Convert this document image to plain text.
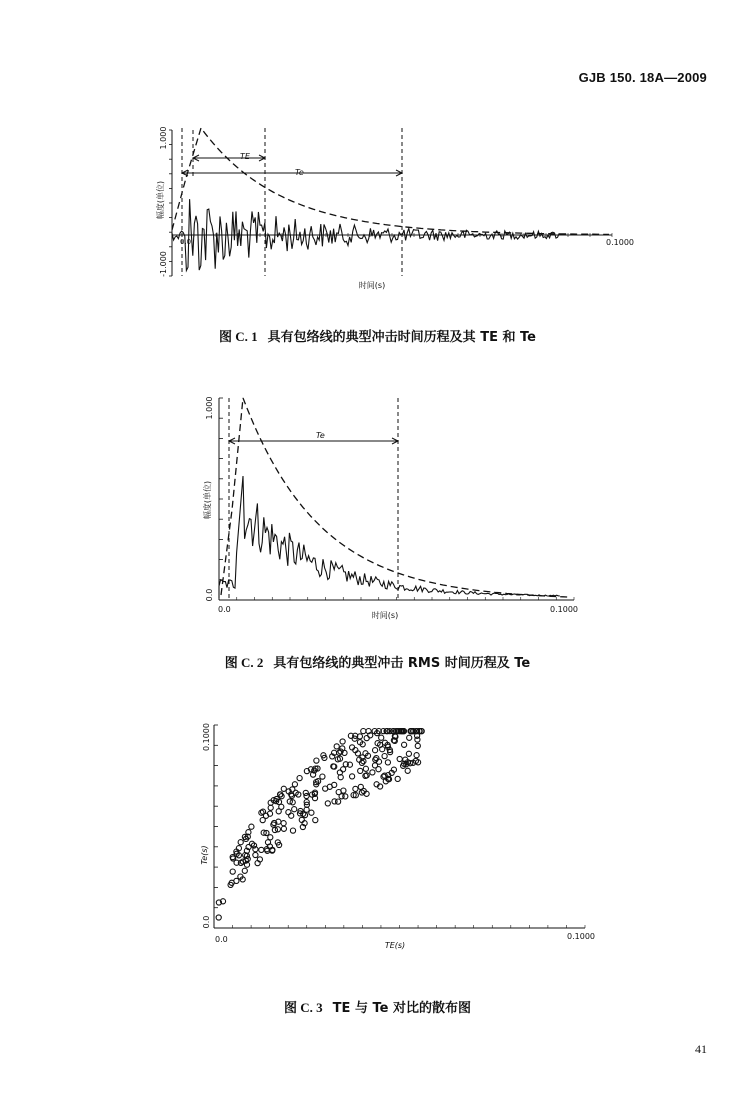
GJB 150. 18A—2009
1.000
-1.000
幅度(单位)
0.0	0.1000
时间(s)
TE
Te
图 C. 1 具有包络线的典型冲击时间历程及其 TE 和 Te
1.000
0.0
幅度(单位)
0.0	0.1000
时间(s)
Te
图 C. 2 具有包络线的典型冲击 RMS 时间历程及 Te
0.1000
0.0
Te(s)
0.0	0.1000
TE(s)
图 C. 3 TE 与 Te 对比的散布图
41
